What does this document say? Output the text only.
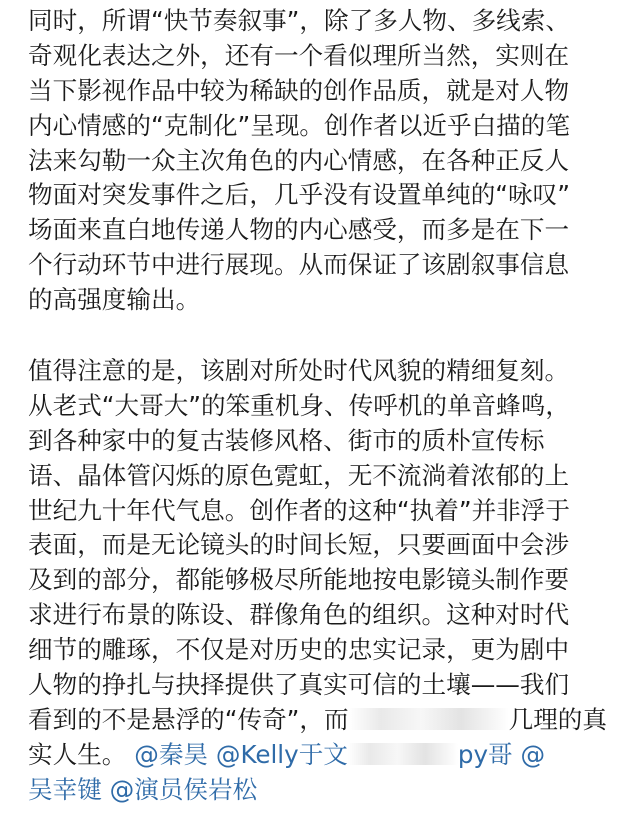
同时，所谓“快节奏叙事”，除了多人物、多线索、
奇观化表达之外，还有一个看似理所当然，实则在
当下影视作品中较为稀缺的创作品质，就是对人物
内心情感的“克制化”呈现。创作者以近乎白描的笔
法来勾勒一众主次角色的内心情感，在各种正反人
物面对突发事件之后，几乎没有设置单纯的“咏叹”
场面来直白地传递人物的内心感受，而多是在下一
个行动环节中进行展现。从而保证了该剧叙事信息
的高强度输出。
值得注意的是，该剧对所处时代风貌的精细复刻。
从老式“大哥大”的笨重机身、传呼机的单音蜂鸣，
到各种家中的复古装修风格、街市的质朴宣传标
语、晶体管闪烁的原色霓虹，无不流淌着浓郁的上
世纪九十年代气息。创作者的这种“执着”并非浮于
表面，而是无论镜头的时间长短，只要画面中会涉
及到的部分，都能够极尽所能地按电影镜头制作要
求进行布景的陈设、群像角色的组织。这种对时代
细节的雕琢，不仅是对历史的忠实记录，更为剧中
人物的挣扎与抉择提供了真实可信的土壤——我们
看到的不是悬浮的“传奇”，而	几理的真
实人生。 @秦昊 @Kelly于文	py哥 @
吴幸键 @演员侯岩松
